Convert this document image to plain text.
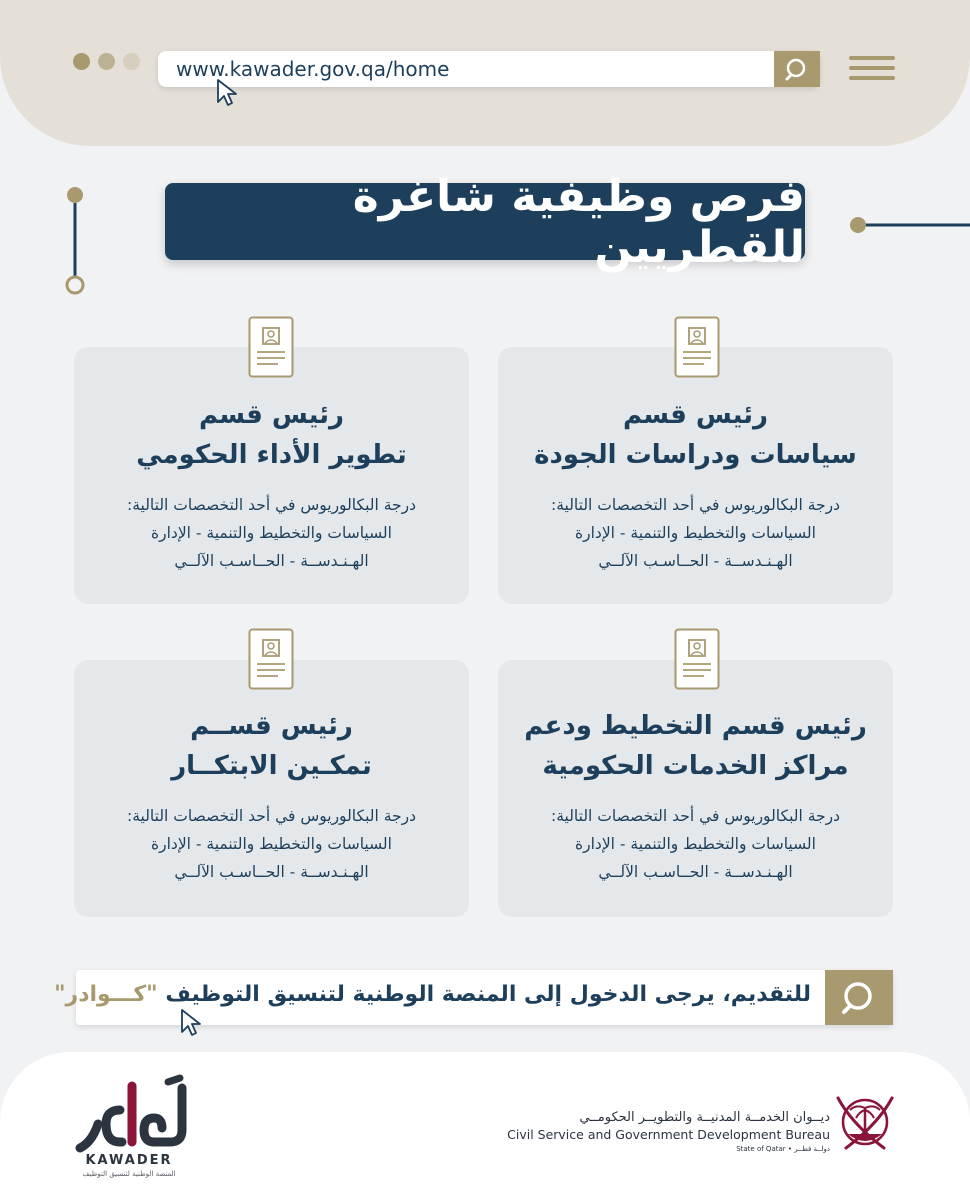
www.kawader.gov.qa/home
فرص وظيفية شاغرة للقطريين
رئيس قسم
سياسات ودراسات الجودة
درجة البكالوريوس في أحد التخصصات التالية:
السياسات والتخطيط والتنمية - الإدارة
الهـنـدســة - الحــاسـب الآلــي
رئيس قسم
تطوير الأداء الحكومي
درجة البكالوريوس في أحد التخصصات التالية:
السياسات والتخطيط والتنمية - الإدارة
الهـنـدســة - الحــاسـب الآلــي
رئيس قسم التخطيط ودعم
مراكز الخدمات الحكومية
درجة البكالوريوس في أحد التخصصات التالية:
السياسات والتخطيط والتنمية - الإدارة
الهـنـدســة - الحــاسـب الآلــي
رئيس قســم
تمكـين الابتكــار
درجة البكالوريوس في أحد التخصصات التالية:
السياسات والتخطيط والتنمية - الإدارة
الهـنـدســة - الحــاسـب الآلــي
للتقديم، يرجى الدخول إلى المنصة الوطنية لتنسيق التوظيف "كـــوادر"
KAWADER
المنصة الوطنية لتنسيق التوظيف
ديــوان الخدمــة المدنيــة والتطويــر الحكومــي
Civil Service and Government Development Bureau
State of Qatar • دولــة قطــر
